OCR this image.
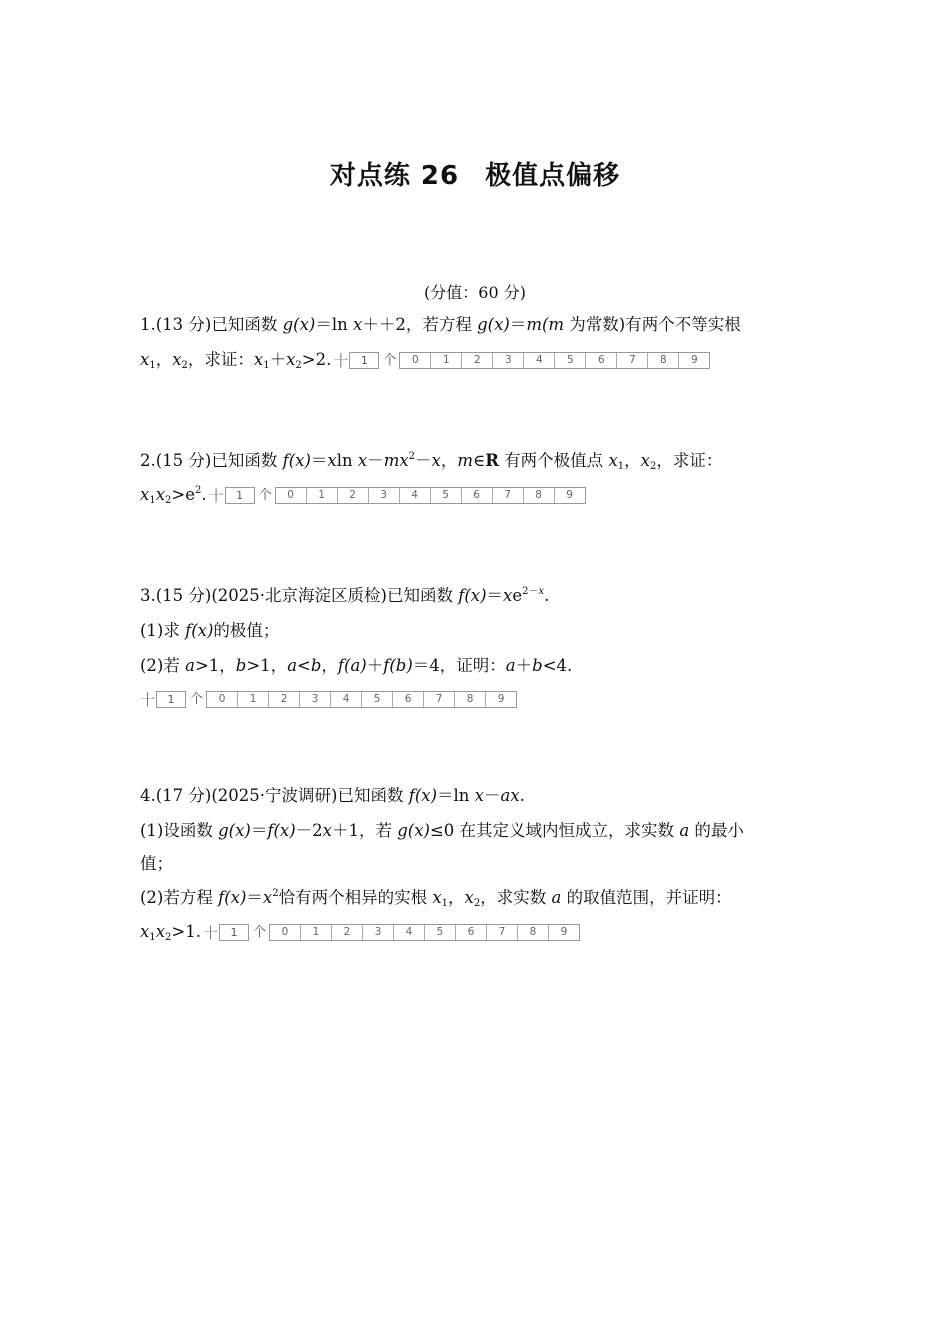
对点练 26 极值点偏移
(分值：60 分)
1.(13 分)已知函数 g(x)＝ln x＋＋2，若方程 g(x)＝m(m 为常数)有两个不等实根
$x_1$，$x_2$，求证：$x_1+x_2>2$. 十	1	个	0	1	2	3	4	5	6	7	8	9
2.(15 分)已知函数 f(x)＝xln $x-mx^2-x$，m∈R 有两个极值点 $x_1$，$x_2$，求证：
$x_1x_2>e^2$. 十	1	个	0	1	2	3	4	5	6	7	8	9
3.(15 分)(2025·北京海淀区质检)已知函数 $f(x)=xe^{2-x}$.
(1)求 f(x)的极值；
(2)若 a>1，b>1，a<b，f(a)＋f(b)＝4，证明：a＋b<4.
十	1	个	0	1	2	3	4	5	6	7	8	9
4.(17 分)(2025·宁波调研)已知函数 f(x)＝ln x－ax.
(1)设函数 g(x)＝f(x)－2x＋1，若 g(x)≤0 在其定义域内恒成立，求实数 a 的最小
值；
(2)若方程 $f(x)=x^2$恰有两个相异的实根 $x_1$，$x_2$，求实数 a 的取值范围，并证明：
$x_1x_2>1$. 十	1	个	0	1	2	3	4	5	6	7	8	9
